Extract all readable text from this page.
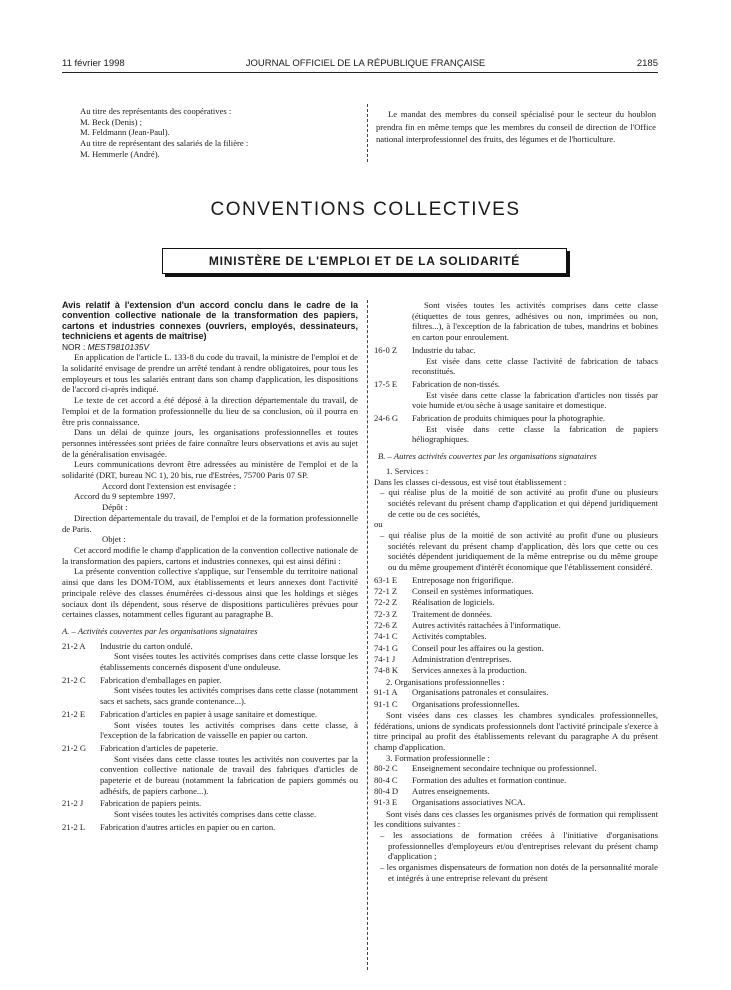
11 février 1998	JOURNAL OFFICIEL DE LA RÉPUBLIQUE FRANÇAISE	2185

Au titre des représentants des coopératives :

M. Beck (Denis) ;

M. Feldmann (Jean-Paul).

Au titre de représentant des salariés de la filière :

M. Hemmerle (André).

Le mandat des membres du conseil spécialisé pour le secteur du houblon prendra fin en même temps que les membres du conseil de direction de l'Office national interprofessionnel des fruits, des légumes et de l'horticulture.

CONVENTIONS COLLECTIVES
MINISTÈRE DE L'EMPLOI ET DE LA SOLIDARITÉ

Avis relatif à l'extension d'un accord conclu dans le cadre de la convention collective nationale de la transformation des papiers, cartons et industries connexes (ouvriers, employés, dessinateurs, techniciens et agents de maîtrise)

NOR : MEST9810135V

En application de l'article L. 133-8 du code du travail, la ministre de l'emploi et de la solidarité envisage de prendre un arrêté tendant à rendre obligatoires, pour tous les employeurs et tous les salariés entrant dans son champ d'application, les dispositions de l'accord ci-après indiqué.

Le texte de cet accord a été déposé à la direction départementale du travail, de l'emploi et de la formation professionnelle du lieu de sa conclusion, où il pourra en être pris connaissance.

Dans un délai de quinze jours, les organisations professionnelles et toutes personnes intéressées sont priées de faire connaître leurs observations et avis au sujet de la généralisation envisagée.

Leurs communications devront être adressées au ministère de l'emploi et de la solidarité (DRT, bureau NC 1), 20 bis, rue d'Estrées, 75700 Paris 07 SP.

Accord dont l'extension est envisagée :

Accord du 9 septembre 1997.

Dépôt :

Direction départementale du travail, de l'emploi et de la formation professionnelle de Paris.

Objet :

Cet accord modifie le champ d'application de la convention collective nationale de la transformation des papiers, cartons et industries connexes, qui est ainsi défini :

La présente convention collective s'applique, sur l'ensemble du territoire national ainsi que dans les DOM-TOM, aux établissements et leurs annexes dont l'activité principale relève des classes énumérées ci-dessous ainsi que les holdings et sièges sociaux dont ils dépendent, sous réserve de dispositions particulières prévues pour certaines classes, notamment celles figurant au paragraphe B.

A. – Activités couvertes par les organisations signataires

21-2 A	Industrie du carton ondulé.

Sont visées toutes les activités comprises dans cette classe lorsque les établissements concernés disposent d'une onduleuse.

21-2 C	Fabrication d'emballages en papier.

Sont visées toutes les activités comprises dans cette classe (notamment sacs et sachets, sacs grande contenance...).

21-2 E	Fabrication d'articles en papier à usage sanitaire et domestique.

Sont visées toutes les activités comprises dans cette classe, à l'exception de la fabrication de vaisselle en papier ou carton.

21-2 G	Fabrication d'articles de papeterie.

Sont visées dans cette classe toutes les activités non couvertes par la convention collective nationale de travail des fabriques d'articles de papeterie et de bureau (notamment la fabrication de papiers gommés ou adhésifs, de papiers carbone...).

21-2 J	Fabrication de papiers peints.

Sont visées toutes les activités comprises dans cette classe.

21-2 L	Fabrication d'autres articles en papier ou en carton.

Sont visées toutes les activités comprises dans cette classe (étiquettes de tous genres, adhésives ou non, imprimées ou non, filtres...), à l'exception de la fabrication de tubes, mandrins et bobines en carton pour enroulement.

16-0 Z	Industrie du tabac.

Est visée dans cette classe l'activité de fabrication de tabacs reconstitués.

17-5 E	Fabrication de non-tissés.

Est visée dans cette classe la fabrication d'articles non tissés par voie humide et/ou sèche à usage sanitaire et domestique.

24-6 G	Fabrication de produits chimiques pour la photographie.

Est visée dans cette classe la fabrication de papiers héliographiques.

B. – Autres activités couvertes par les organisations signataires

1. Services :

Dans les classes ci-dessous, est visé tout établissement :

– qui réalise plus de la moitié de son activité au profit d'une ou plusieurs sociétés relevant du présent champ d'application et qui dépend juridiquement de cette ou de ces sociétés,

ou

– qui réalise plus de la moitié de son activité au profit d'une ou plusieurs sociétés relevant du présent champ d'application, dès lors que cette ou ces sociétés dépendent juridiquement de la même entreprise ou du même groupe ou du même groupement d'intérêt économique que l'établissement considéré.

63-1 E	Entreposage non frigorifique.
72-1 Z	Conseil en systèmes informatiques.
72-2 Z	Réalisation de logiciels.
72-3 Z	Traitement de données.
72-6 Z	Autres activités rattachées à l'informatique.
74-1 C	Activités comptables.
74-1 G	Conseil pour les affaires ou la gestion.
74-1 J	Administration d'entreprises.
74-8 K	Services annexes à la production.

2. Organisations professionnelles :

91-1 A	Organisations patronales et consulaires.
91-1 C	Organisations professionnelles.

Sont visées dans ces classes les chambres syndicales professionnelles, fédérations, unions de syndicats professionnels dont l'activité principale s'exerce à titre principal au profit des établissements relevant du paragraphe A du présent champ d'application.

3. Formation professionnelle :

80-2 C	Enseignement secondaire technique ou professionnel.
80-4 C	Formation des adultes et formation continue.
80-4 D	Autres enseignements.
91-3 E	Organisations associatives NCA.

Sont visés dans ces classes les organismes privés de formation qui remplissent les conditions suivantes :

– les associations de formation créées à l'initiative d'organisations professionnelles d'employeurs et/ou d'entreprises relevant du présent champ d'application ;

– les organismes dispensateurs de formation non dotés de la personnalité morale et intégrés à une entreprise relevant du présent
